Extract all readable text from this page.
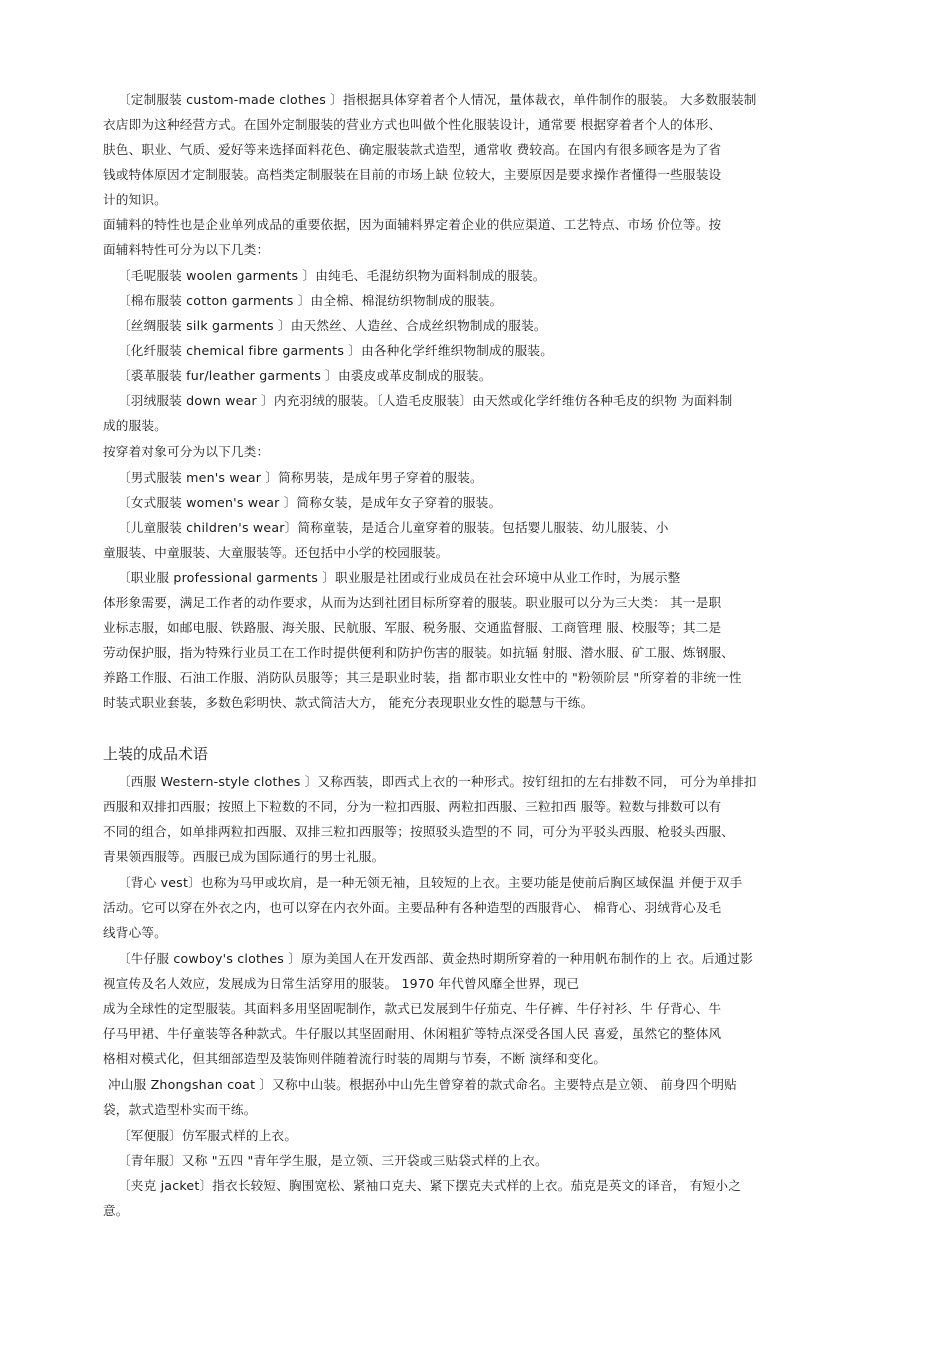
上装的成品术语
〔定制服装 custom-made clothes 〕指根据具体穿着者个人情况，量体裁衣，单件制作的服装。 大多数服装制
衣店即为这种经营方式。在国外定制服装的营业方式也叫做个性化服装设计，通常要 根据穿着者个人的体形、
肤色、职业、气质、爱好等来选择面料花色、确定服装款式造型，通常收 费较高。在国内有很多顾客是为了省
钱或特体原因才定制服装。高档类定制服装在目前的市场上缺 位较大，主要原因是要求操作者懂得一些服装设
计的知识。
面辅料的特性也是企业单列成品的重要依据，因为面辅料界定着企业的供应渠道、工艺特点、市场 价位等。按
面辅料特性可分为以下几类：
〔毛呢服装 woolen garments 〕由纯毛、毛混纺织物为面料制成的服装。
〔棉布服装 cotton garments 〕由全棉、棉混纺织物制成的服装。
〔丝绸服装 silk garments 〕由天然丝、人造丝、合成丝织物制成的服装。
〔化纤服装 chemical fibre garments 〕由各种化学纤维织物制成的服装。
〔裘革服装 fur/leather garments 〕由裘皮或革皮制成的服装。
〔羽绒服装 down wear 〕内充羽绒的服装。〔人造毛皮服装〕由天然或化学纤维仿各种毛皮的织物 为面料制
成的服装。
按穿着对象可分为以下几类：
〔男式服装 men's wear 〕简称男装，是成年男子穿着的服装。
〔女式服装 women's wear 〕简称女装，是成年女子穿着的服装。
〔儿童服装 children's wear〕简称童装，是适合儿童穿着的服装。包括婴儿服装、幼儿服装、小
童服装、中童服装、大童服装等。还包括中小学的校园服装。
〔职业服 professional garments 〕职业服是社团或行业成员在社会环境中从业工作时，为展示整
体形象需要，满足工作者的动作要求，从而为达到社团目标所穿着的服装。职业服可以分为三大类： 其一是职
业标志服，如邮电服、铁路服、海关服、民航服、军服、税务服、交通监督服、工商管理 服、校服等；其二是
劳动保护服，指为特殊行业员工在工作时提供便利和防护伤害的服装。如抗辐 射服、潜水服、矿工服、炼钢服、
养路工作服、石油工作服、消防队员服等；其三是职业时装，指 都市职业女性中的 "粉领阶层 "所穿着的非统一性
时装式职业套装，多数色彩明快、款式简洁大方， 能充分表现职业女性的聪慧与干练。
〔西服 Western-style clothes 〕又称西装，即西式上衣的一种形式。按钉纽扣的左右排数不同， 可分为单排扣
西服和双排扣西服；按照上下粒数的不同，分为一粒扣西服、两粒扣西服、三粒扣西 服等。粒数与排数可以有
不同的组合，如单排两粒扣西服、双排三粒扣西服等；按照驳头造型的不 同，可分为平驳头西服、枪驳头西服、
青果领西服等。西服已成为国际通行的男士礼服。
〔背心 vest〕也称为马甲或坎肩，是一种无领无袖，且较短的上衣。主要功能是使前后胸区域保温 并便于双手
活动。它可以穿在外衣之内，也可以穿在内衣外面。主要品种有各种造型的西服背心、 棉背心、羽绒背心及毛
线背心等。
〔牛仔服 cowboy's clothes 〕原为美国人在开发西部、黄金热时期所穿着的一种用帆布制作的上 衣。后通过影
视宣传及名人效应，发展成为日常生活穿用的服装。 1970 年代曾风靡全世界，现已
成为全球性的定型服装。其面料多用坚固呢制作，款式已发展到牛仔茄克、牛仔裤、牛仔衬衫、牛 仔背心、牛
仔马甲裙、牛仔童装等各种款式。牛仔服以其坚固耐用、休闲粗犷等特点深受各国人民 喜爱，虽然它的整体风
格相对模式化，但其细部造型及装饰则伴随着流行时装的周期与节奏，不断 演绎和变化。
冲山服 Zhongshan coat 〕又称中山装。根据孙中山先生曾穿着的款式命名。主要特点是立领、 前身四个明贴
袋，款式造型朴实而干练。
〔军便服〕仿军服式样的上衣。
〔青年服〕又称 "五四 "青年学生服，是立领、三开袋或三贴袋式样的上衣。
〔夹克 jacket〕指衣长较短、胸围宽松、紧袖口克夫、紧下摆克夫式样的上衣。茄克是英文的译音， 有短小之
意。
